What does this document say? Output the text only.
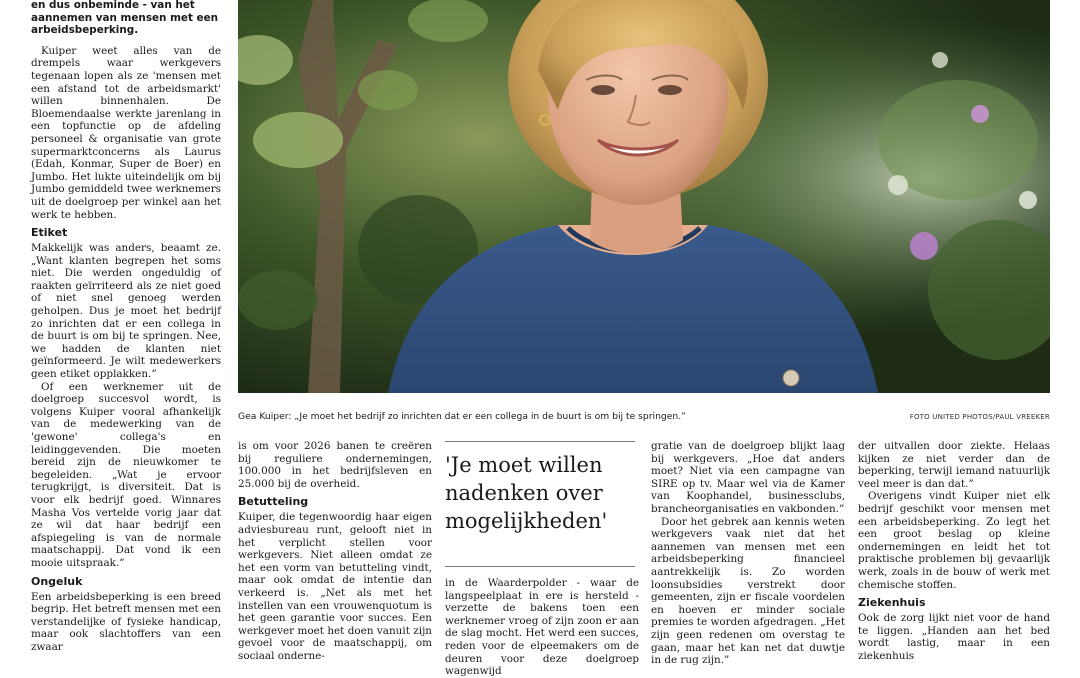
en dus onbeminde - van het aannemen van mensen met een arbeidsbeperking.

Kuiper weet alles van de drempels waar werkgevers tegenaan lopen als ze 'mensen met een afstand tot de arbeidsmarkt' willen binnenhalen. De Bloemendaalse werkte jarenlang in een topfunctie op de afdeling personeel & organisatie van grote supermarktconcerns als Laurus (Edah, Konmar, Super de Boer) en Jumbo. Het lukte uiteindelijk om bij Jumbo gemiddeld twee werknemers uit de doelgroep per winkel aan het werk te hebben.

Etiket

Makkelijk was anders, beaamt ze. „Want klanten begrepen het soms niet. Die werden ongeduldig of raakten geïrriteerd als ze niet goed of niet snel genoeg werden geholpen. Dus je moet het bedrijf zo inrichten dat er een collega in de buurt is om bij te springen. Nee, we hadden de klanten niet geïnformeerd. Je wilt medewerkers geen etiket opplakken.”

Of een werknemer uit de doelgroep succesvol wordt, is volgens Kuiper vooral afhankelijk van de medewerking van de 'gewone' collega's en leidinggevenden. Die moeten bereid zijn de nieuwkomer te begeleiden. „Wat je ervoor terugkrijgt, is diversiteit. Dat is voor elk bedrijf goed. Winnares Masha Vos vertelde vorig jaar dat ze wil dat haar bedrijf een afspiegeling is van de normale maatschappij. Dat vond ik een mooie uitspraak.”

Ongeluk

Een arbeidsbeperking is een breed begrip. Het betreft mensen met een verstandelijke of fysieke handicap, maar ook slachtoffers van een zwaar

Gea Kuiper: „Je moet het bedrijf zo inrichten dat er een collega in de buurt is om bij te springen.”	FOTO UNITED PHOTOS/PAUL VREEKER

is om voor 2026 banen te creëren bij reguliere ondernemingen, 100.000 in het bedrijfsleven en 25.000 bij de overheid.

Betutteling

Kuiper, die tegenwoordig haar eigen adviesbureau runt, gelooft niet in het verplicht stellen voor werkgevers. Niet alleen omdat ze het een vorm van betutteling vindt, maar ook omdat de intentie dan verkeerd is. „Net als met het instellen van een vrouwenquotum is het geen garantie voor succes. Een werkgever moet het doen vanuit zijn gevoel voor de maatschappij, om sociaal onderne-

'Je moet willen nadenken over mogelijkheden'

in de Waarderpolder - waar de langspeelplaat in ere is hersteld - verzette de bakens toen een werknemer vroeg of zijn zoon er aan de slag mocht. Het werd een succes, reden voor de elpeemakers om de deuren voor deze doelgroep wagenwijd

gratie van de doelgroep blijkt laag bij werkgevers. „Hoe dat anders moet? Niet via een campagne van SIRE op tv. Maar wel via de Kamer van Koophandel, businessclubs, brancheorganisaties en vakbonden.”

Door het gebrek aan kennis weten werkgevers vaak niet dat het aannemen van mensen met een arbeidsbeperking financieel aantrekkelijk is. Zo worden loonsubsidies verstrekt door gemeenten, zijn er fiscale voordelen en hoeven er minder sociale premies te worden afgedragen. „Het zijn geen redenen om overstag te gaan, maar het kan net dat duwtje in de rug zijn.”

der uitvallen door ziekte. Helaas kijken ze niet verder dan de beperking, terwijl iemand natuurlijk veel meer is dan dat.”

Overigens vindt Kuiper niet elk bedrijf geschikt voor mensen met een arbeidsbeperking. Zo legt het een groot beslag op kleine ondernemingen en leidt het tot praktische problemen bij gevaarlijk werk, zoals in de bouw of werk met chemische stoffen.

Ziekenhuis

Ook de zorg lijkt niet voor de hand te liggen. „Handen aan het bed wordt lastig, maar in een ziekenhuis
